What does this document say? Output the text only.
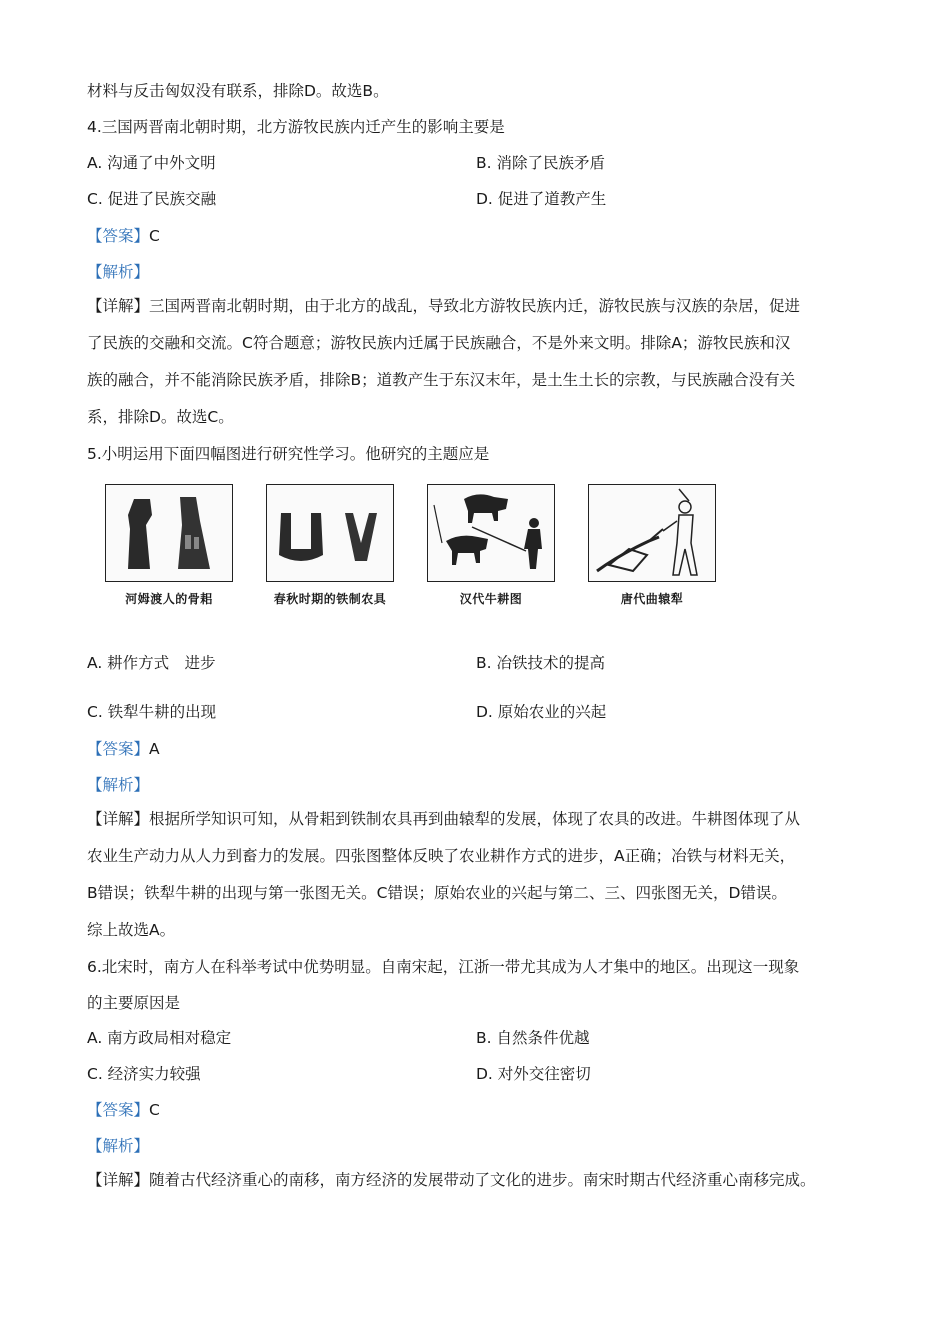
材料与反击匈奴没有联系，排除D。故选B。
4.三国两晋南北朝时期，北方游牧民族内迁产生的影响主要是
A. 沟通了中外文明	B. 消除了民族矛盾
C. 促进了民族交融	D. 促进了道教产生
【答案】C
【解析】
【详解】三国两晋南北朝时期，由于北方的战乱，导致北方游牧民族内迁，游牧民族与汉族的杂居，促进
了民族的交融和交流。C符合题意；游牧民族内迁属于民族融合，不是外来文明。排除A；游牧民族和汉
族的融合，并不能消除民族矛盾，排除B；道教产生于东汉末年，是土生土长的宗教，与民族融合没有关
系，排除D。故选C。
5.小明运用下面四幅图进行研究性学习。他研究的主题应是
河姆渡人的骨耜	春秋时期的铁制农具	汉代牛耕图	唐代曲辕犁
A. 耕作方式　进步	B. 冶铁技术的提高
C. 铁犁牛耕的出现	D. 原始农业的兴起
【答案】A
【解析】
【详解】根据所学知识可知，从骨耜到铁制农具再到曲辕犁的发展，体现了农具的改进。牛耕图体现了从
农业生产动力从人力到畜力的发展。四张图整体反映了农业耕作方式的进步，A正确；冶铁与材料无关，
B错误；铁犁牛耕的出现与第一张图无关。C错误；原始农业的兴起与第二、三、四张图无关，D错误。
综上故选A。
6.北宋时，南方人在科举考试中优势明显。自南宋起，江浙一带尤其成为人才集中的地区。出现这一现象
的主要原因是
A. 南方政局相对稳定	B. 自然条件优越
C. 经济实力较强	D. 对外交往密切
【答案】C
【解析】
【详解】随着古代经济重心的南移，南方经济的发展带动了文化的进步。南宋时期古代经济重心南移完成。
